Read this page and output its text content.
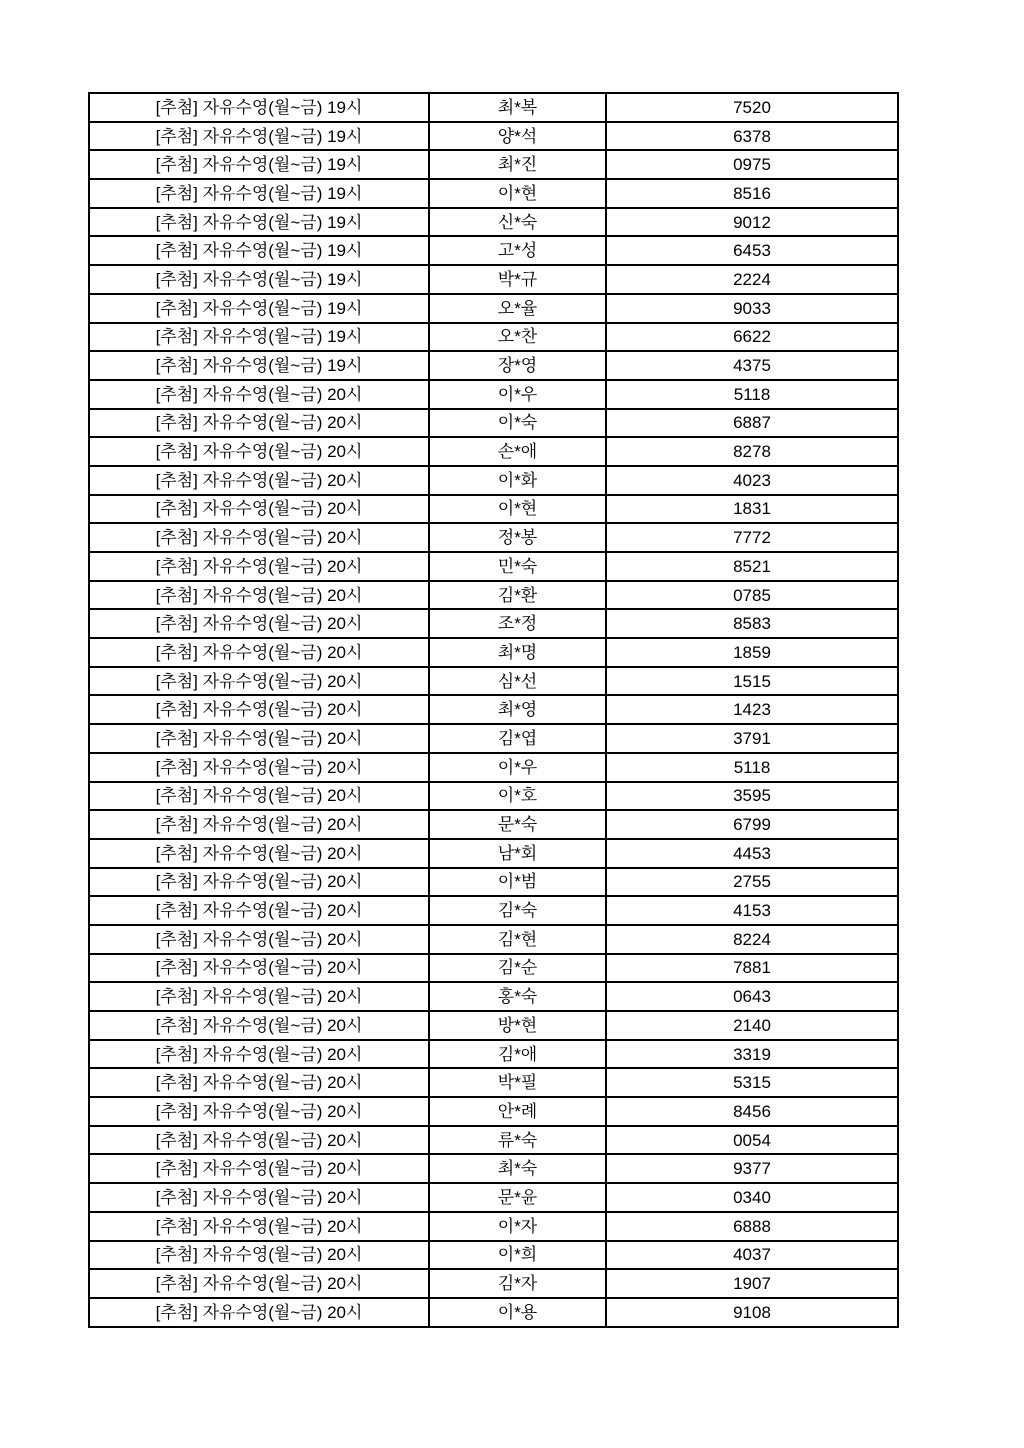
[추첨] 자유수영(월~금) 19시	최*복	7520
[추첨] 자유수영(월~금) 19시	양*석	6378
[추첨] 자유수영(월~금) 19시	최*진	0975
[추첨] 자유수영(월~금) 19시	이*현	8516
[추첨] 자유수영(월~금) 19시	신*숙	9012
[추첨] 자유수영(월~금) 19시	고*성	6453
[추첨] 자유수영(월~금) 19시	박*규	2224
[추첨] 자유수영(월~금) 19시	오*율	9033
[추첨] 자유수영(월~금) 19시	오*찬	6622
[추첨] 자유수영(월~금) 19시	장*영	4375
[추첨] 자유수영(월~금) 20시	이*우	5118
[추첨] 자유수영(월~금) 20시	이*숙	6887
[추첨] 자유수영(월~금) 20시	손*애	8278
[추첨] 자유수영(월~금) 20시	이*화	4023
[추첨] 자유수영(월~금) 20시	이*현	1831
[추첨] 자유수영(월~금) 20시	정*봉	7772
[추첨] 자유수영(월~금) 20시	민*숙	8521
[추첨] 자유수영(월~금) 20시	김*환	0785
[추첨] 자유수영(월~금) 20시	조*정	8583
[추첨] 자유수영(월~금) 20시	최*명	1859
[추첨] 자유수영(월~금) 20시	심*선	1515
[추첨] 자유수영(월~금) 20시	최*영	1423
[추첨] 자유수영(월~금) 20시	김*엽	3791
[추첨] 자유수영(월~금) 20시	이*우	5118
[추첨] 자유수영(월~금) 20시	이*호	3595
[추첨] 자유수영(월~금) 20시	문*숙	6799
[추첨] 자유수영(월~금) 20시	남*회	4453
[추첨] 자유수영(월~금) 20시	이*범	2755
[추첨] 자유수영(월~금) 20시	김*숙	4153
[추첨] 자유수영(월~금) 20시	김*현	8224
[추첨] 자유수영(월~금) 20시	김*순	7881
[추첨] 자유수영(월~금) 20시	홍*숙	0643
[추첨] 자유수영(월~금) 20시	방*현	2140
[추첨] 자유수영(월~금) 20시	김*애	3319
[추첨] 자유수영(월~금) 20시	박*필	5315
[추첨] 자유수영(월~금) 20시	안*례	8456
[추첨] 자유수영(월~금) 20시	류*숙	0054
[추첨] 자유수영(월~금) 20시	최*숙	9377
[추첨] 자유수영(월~금) 20시	문*윤	0340
[추첨] 자유수영(월~금) 20시	이*자	6888
[추첨] 자유수영(월~금) 20시	이*희	4037
[추첨] 자유수영(월~금) 20시	김*자	1907
[추첨] 자유수영(월~금) 20시	이*용	9108
